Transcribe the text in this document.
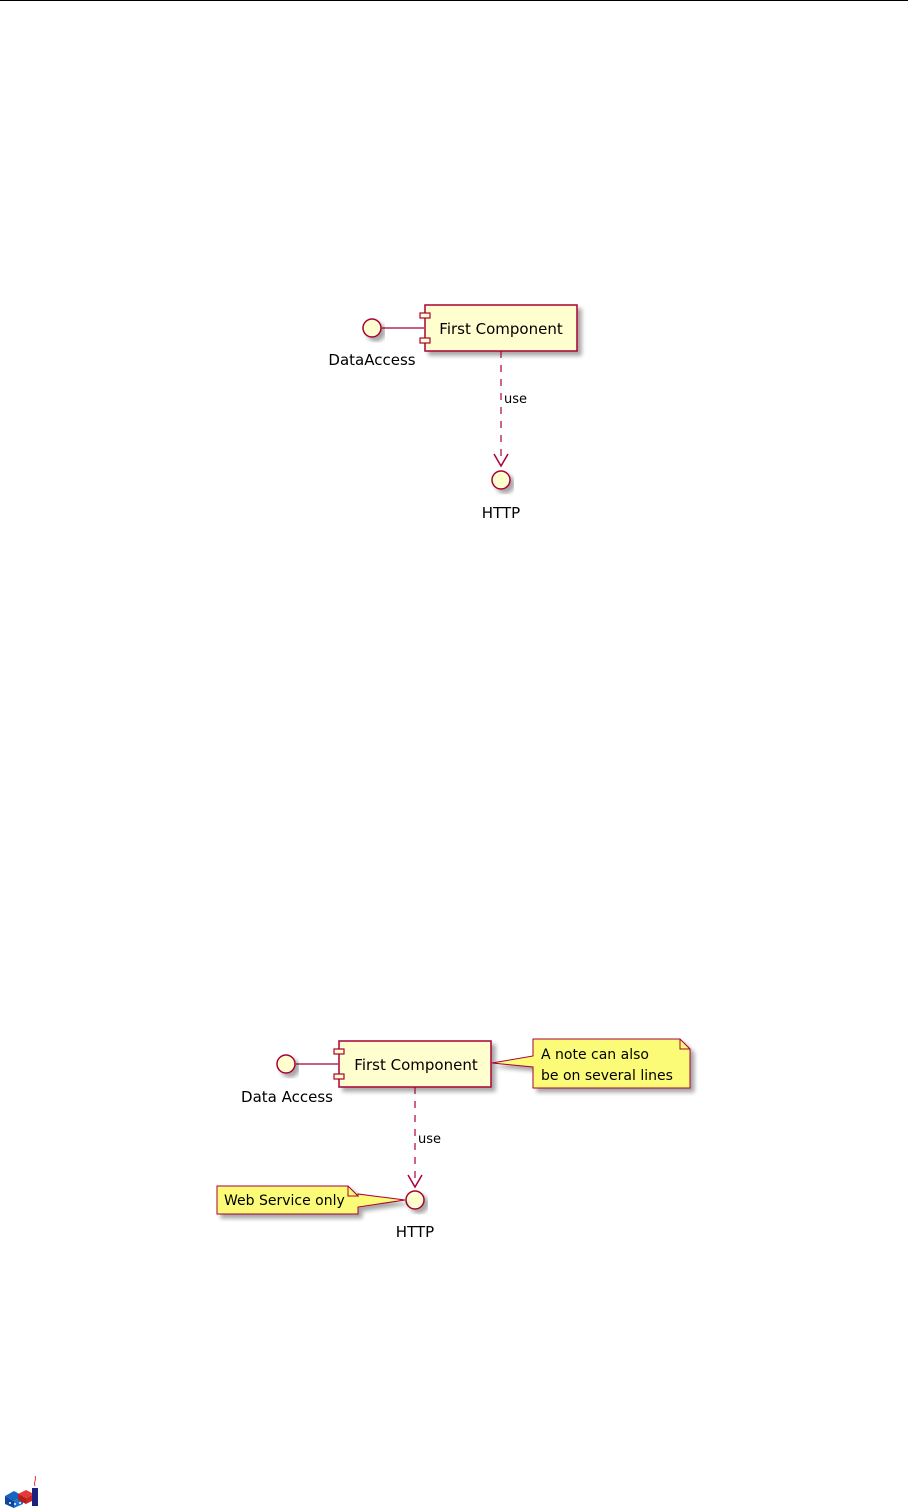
DataAccess
First Component
use
HTTP
Data Access
First Component
A note can also
be on several lines
use
HTTP
Web Service only
